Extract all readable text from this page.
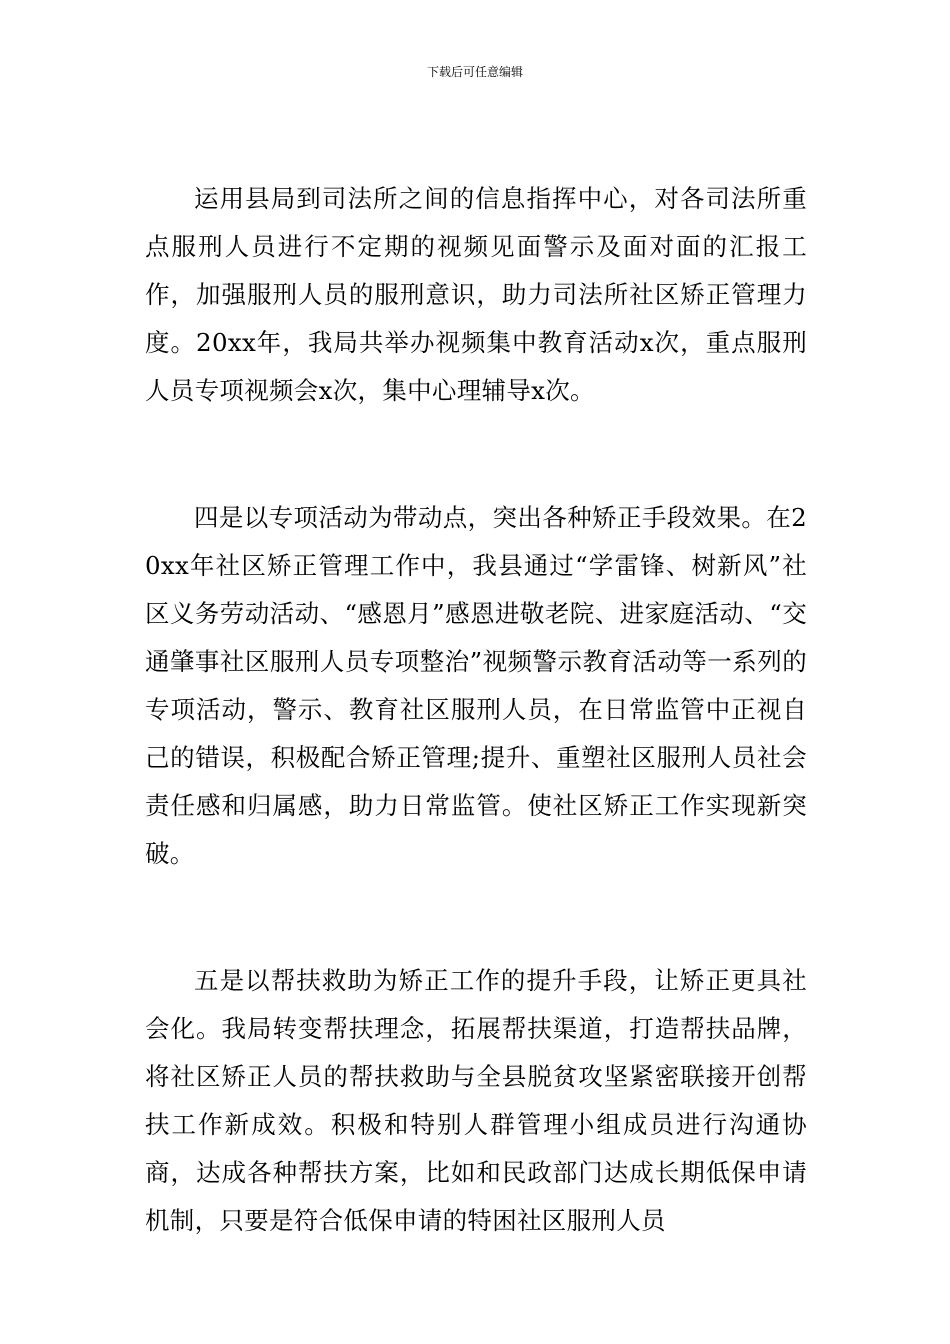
下载后可任意编辑

运用县局到司法所之间的信息指挥中心，对各司法所重点服刑人员进行不定期的视频见面警示及面对面的汇报工作，加强服刑人员的服刑意识，助力司法所社区矫正管理力度。20xx年，我局共举办视频集中教育活动x次，重点服刑人员专项视频会x次，集中心理辅导x次。

四是以专项活动为带动点，突出各种矫正手段效果。在20xx年社区矫正管理工作中，我县通过“学雷锋、树新风”社区义务劳动活动、“感恩月”感恩进敬老院、进家庭活动、“交通肇事社区服刑人员专项整治”视频警示教育活动等一系列的专项活动，警示、教育社区服刑人员，在日常监管中正视自己的错误，积极配合矫正管理;提升、重塑社区服刑人员社会责任感和归属感，助力日常监管。使社区矫正工作实现新突破。

五是以帮扶救助为矫正工作的提升手段，让矫正更具社会化。我局转变帮扶理念，拓展帮扶渠道，打造帮扶品牌，将社区矫正人员的帮扶救助与全县脱贫攻坚紧密联接开创帮扶工作新成效。积极和特别人群管理小组成员进行沟通协商，达成各种帮扶方案，比如和民政部门达成长期低保申请机制，只要是符合低保申请的特困社区服刑人员
